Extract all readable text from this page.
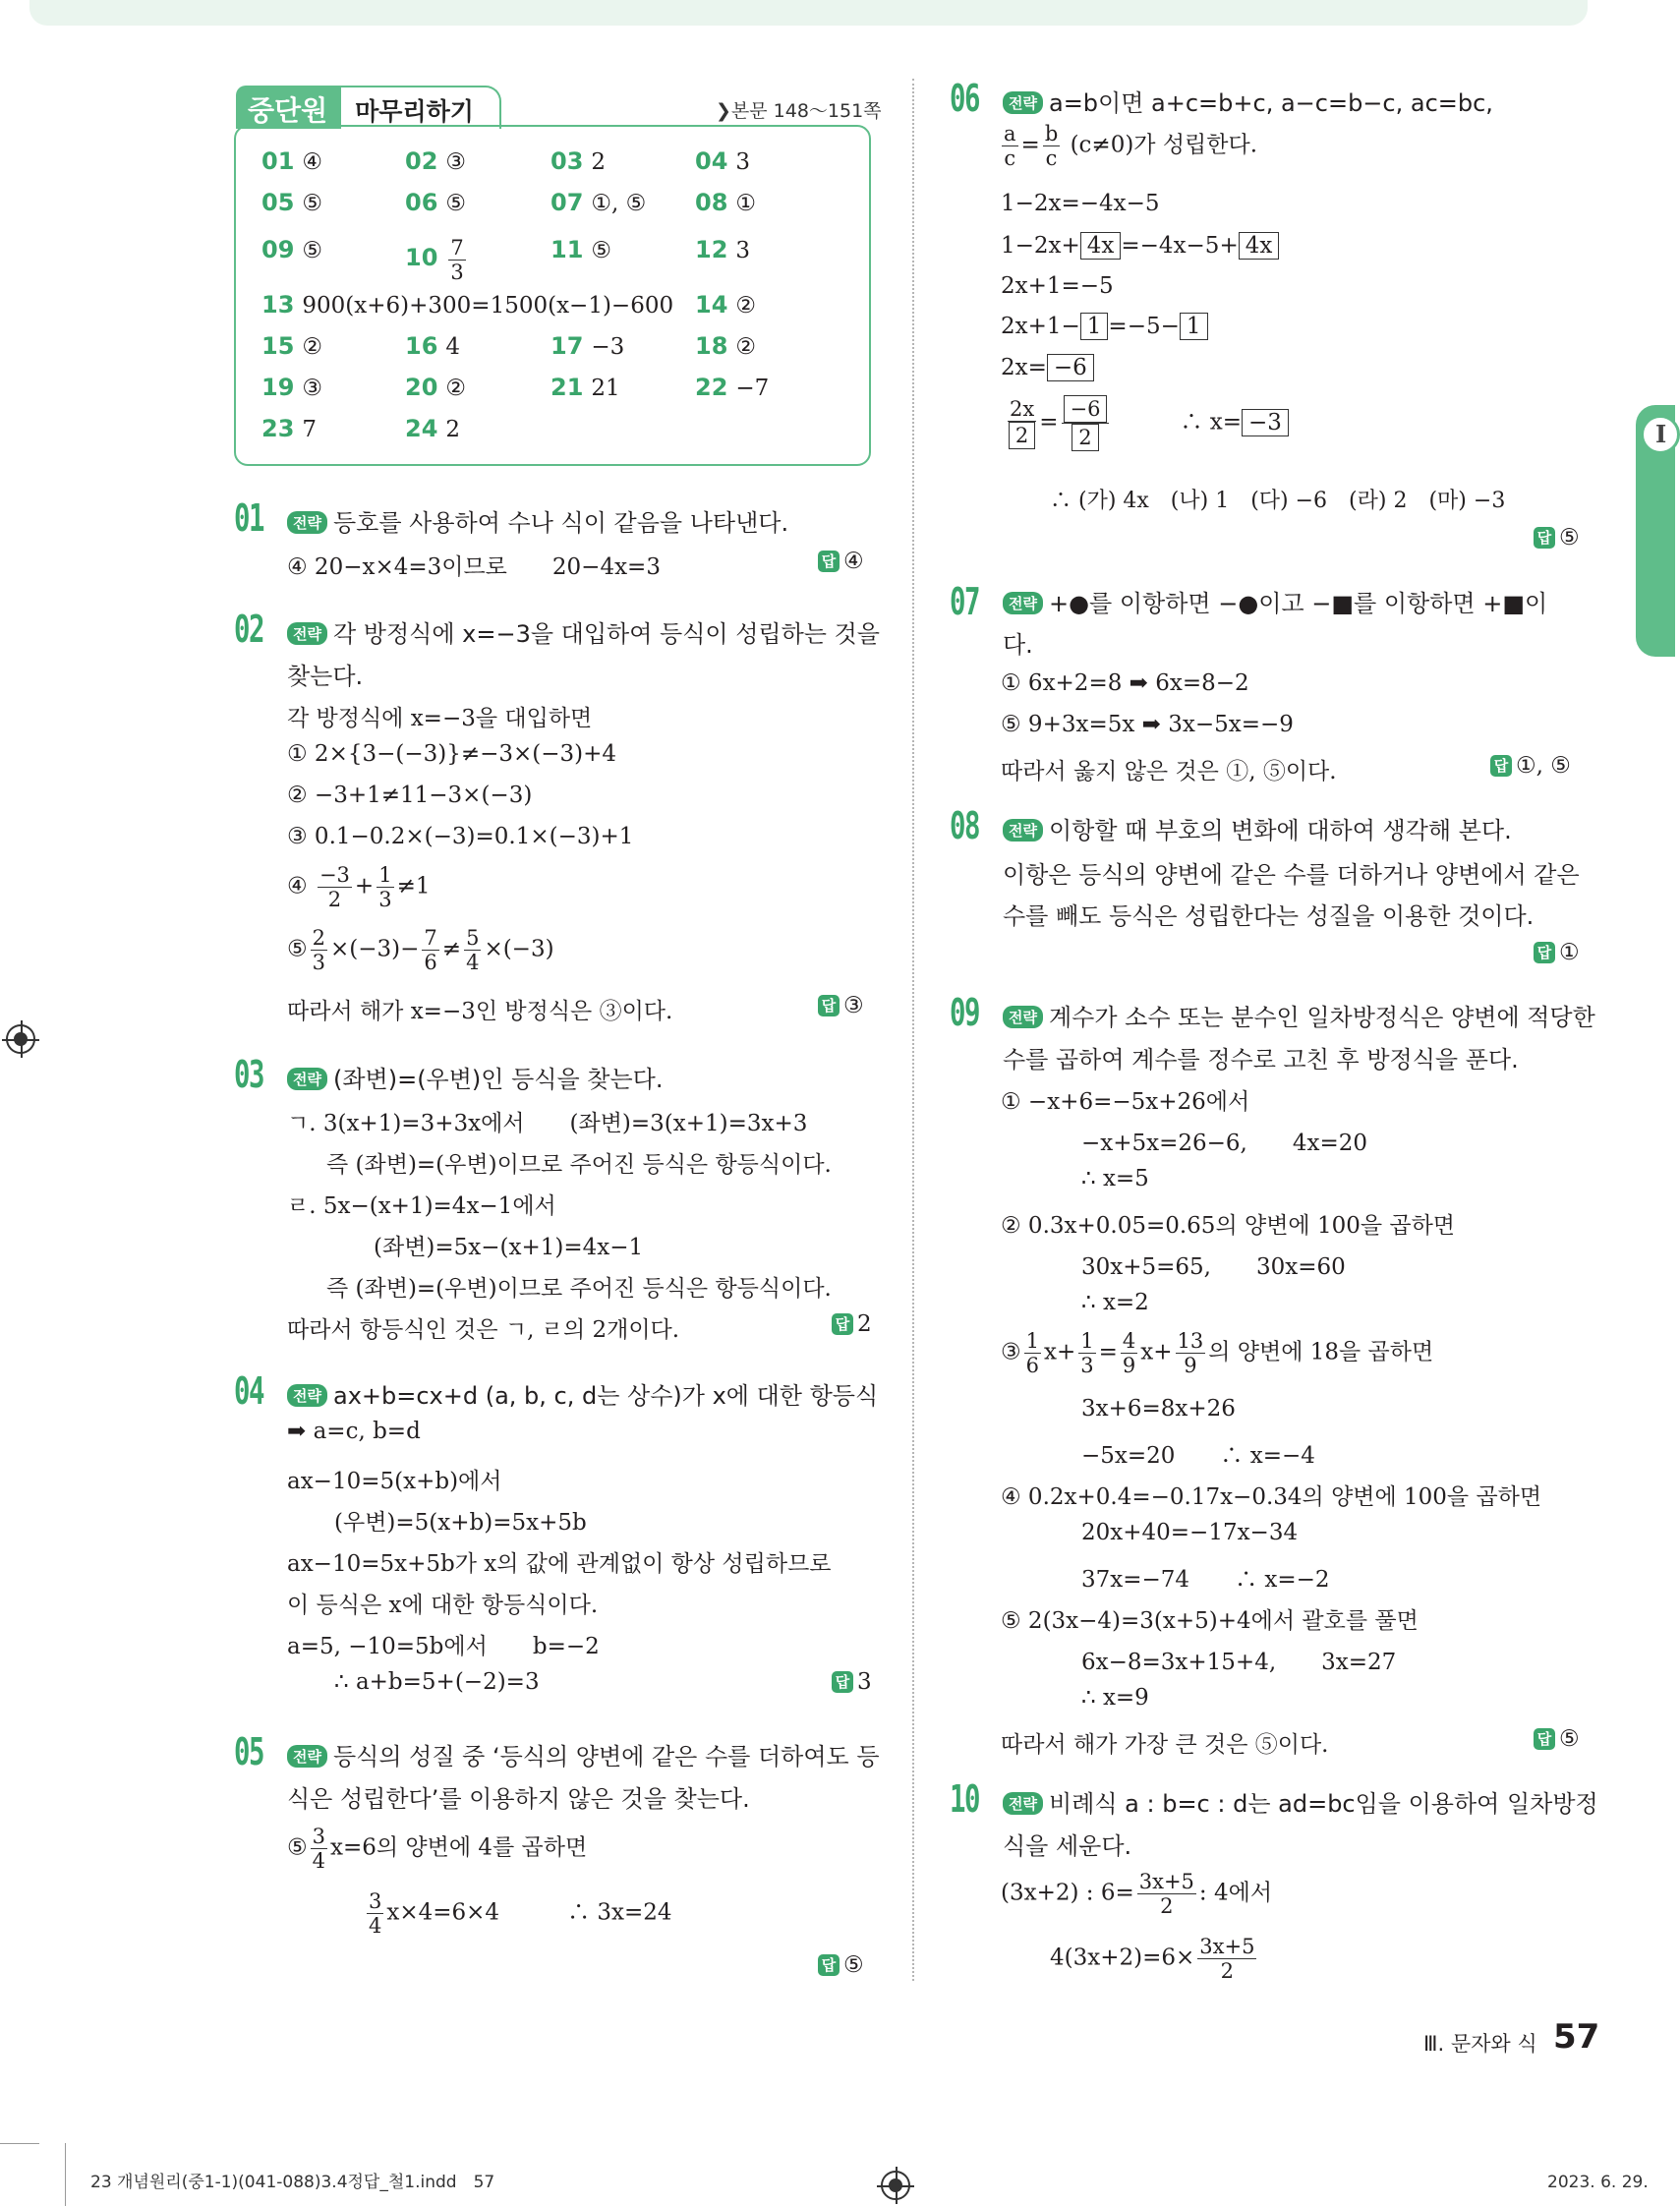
Ⅰ
중단원	마무리하기	❯본문 148～151쪽
01 ④	02 ③	03 2	04 3
05 ⑤	06 ⑤	07 ①, ⑤ 08 ①
09 ⑤	$10 \frac{7}{3}$	11 ⑤	12 3
13 900(x+6)+300=1500(x−1)−600 14 ②
15 ②	16 4	17 −3	18 ②
19 ③	20 ②	21 21	22 −7
23 7	24 2
01	전략 등호를 사용하여 수나 식이 같음을 나타낸다.
④ 20−x×4=3이므로　　 20−4x=3	답 ④
02	전략 각 방정식에 x=−3을 대입하여 등식이 성립하는 것을
찾는다.
각 방정식에 x=−3을 대입하면
① 2×{3−(−3)}≠−3×(−3)+4
② −3+1≠11−3×(−3)
③ 0.1−0.2×(−3)=0.1×(−3)+1
④ $\frac{-3}{2} + \frac{1}{3} \ne 1$
⑤ $\frac{2}{3} \times(-3)- \frac{7}{6} \ne \frac{5}{4} \times(-3)$
따라서 해가 x=−3인 방정식은 ③이다.	답 ③
03	전략 (좌변)=(우변)인 등식을 찾는다.
ㄱ. 3(x+1)=3+3x에서　　 (좌변)=3(x+1)=3x+3
즉 (좌변)=(우변)이므로 주어진 등식은 항등식이다.
ㄹ. 5x−(x+1)=4x−1에서
(좌변)=5x−(x+1)=4x−1
즉 (좌변)=(우변)이므로 주어진 등식은 항등식이다.
따라서 항등식인 것은 ㄱ, ㄹ의 2개이다.	답 2
04	전략 ax+b=cx+d (a, b, c, d는 상수)가 x에 대한 항등식
➡ a=c, b=d
ax−10=5(x+b)에서
(우변)=5(x+b)=5x+5b
ax−10=5x+5b가 x의 값에 관계없이 항상 성립하므로
이 등식은 x에 대한 항등식이다.
a=5, −10=5b에서　　 b=−2
∴ a+b=5+(−2)=3	답 3
05	전략 등식의 성질 중 ‘등식의 양변에 같은 수를 더하여도 등
식은 성립한다’를 이용하지 않은 것을 찾는다.
⑤ $\frac{3}{4} x=6$의 양변에 4를 곱하면
$\frac{3}{4} x\times 4=6\times 4$　　　	∴ 3x=24
답 ⑤
06	전략 a=b이면 a+c=b+c, a−c=b−c, ac=bc,
$\frac{a}{c} = \frac{b}{c} (c\ne 0)$가 성립한다.
1−2x=−4x−5
1−2x+ 4x =−4x−5+ 4x
2x+1=−5
2x+1− 1 =−5− 1
2x= −6
$\frac{2x}{2} = \frac{-6}{2}$
　　　	∴ x= −3
∴ (가) 4x　(나) 1　(다) −6　(라) 2　(마) −3
답 ⑤
07	전략 +●를 이항하면 −●이고 −■를 이항하면 +■이
다.
① 6x+2=8 ➡ 6x=8−2
⑤ 9+3x=5x ➡ 3x−5x=−9
따라서 옳지 않은 것은 ①, ⑤이다.	답 ①, ⑤
08	전략 이항할 때 부호의 변화에 대하여 생각해 본다.
이항은 등식의 양변에 같은 수를 더하거나 양변에서 같은
수를 빼도 등식은 성립한다는 성질을 이용한 것이다.
답 ①
09	전략 계수가 소수 또는 분수인 일차방정식은 양변에 적당한
수를 곱하여 계수를 정수로 고친 후 방정식을 푼다.
① −x+6=−5x+26에서
−x+5x=26−6,　　 4x=20
∴ x=5
② 0.3x+0.05=0.65의 양변에 100을 곱하면
30x+5=65,　　 30x=60
∴ x=2
③ $\frac{1}{6} x+ \frac{1}{3} = \frac{4}{9} x+ \frac{13}{9}$ 의 양변에 18을 곱하면
3x+6=8x+26
−5x=20　　 ∴ x=−4
④ 0.2x+0.4=−0.17x−0.34의 양변에 100을 곱하면
20x+40=−17x−34
37x=−74　　 ∴ x=−2
⑤ 2(3x−4)=3(x+5)+4에서 괄호를 풀면
6x−8=3x+15+4,　　 3x=27
∴ x=9
따라서 해가 가장 큰 것은 ⑤이다.	답 ⑤
10	전략 비례식 a : b=c : d는 ad=bc임을 이용하여 일차방정
식을 세운다.
(3x+2) : $6= \frac{3x+5}{2}$ : 4에서
$4(3x+2)=6\times \frac{3x+5}{2}$
Ⅲ. 문자와 식 57
23 개념원리(중1-1)(041-088)3.4정답_철1.indd　57	2023. 6. 29.　
